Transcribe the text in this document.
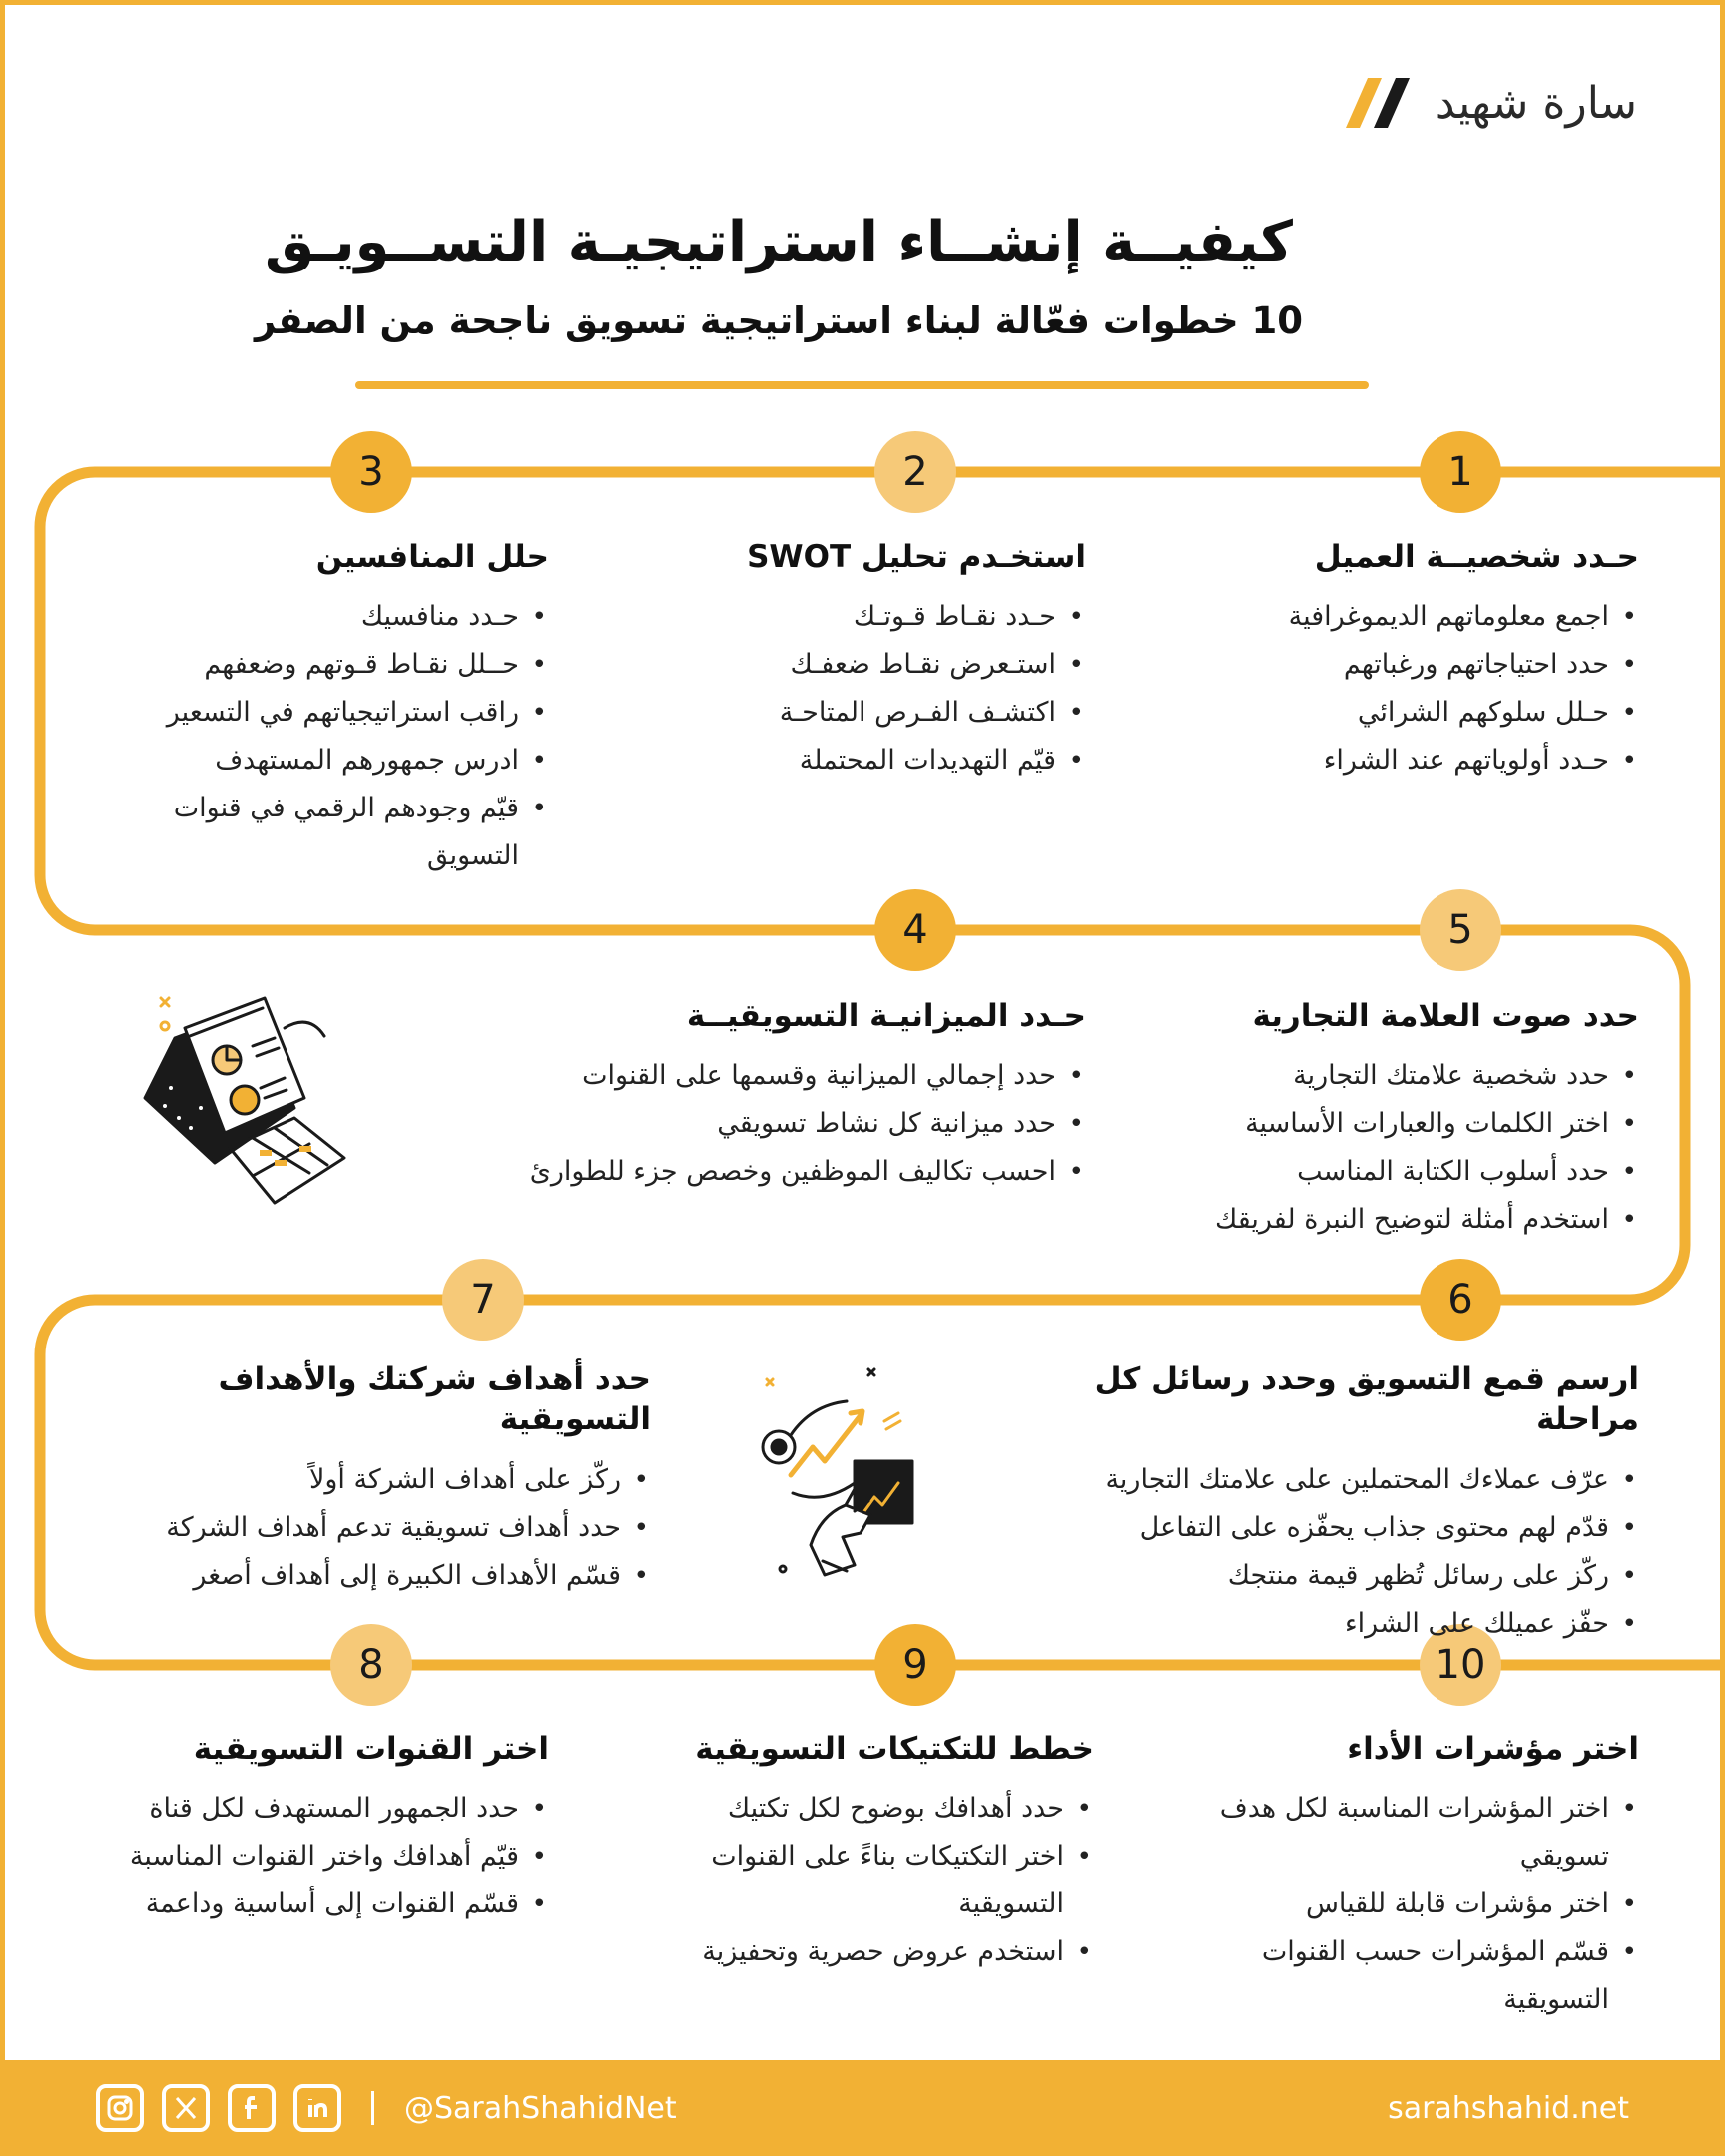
سارة شهيد
كيفيــة إنشــاء استراتيجيـة التســويـق
10 خطوات فعّالة لبناء استراتيجية تسويق ناجحة من الصفر
1
2
3
4	5
6
7
8	9	10
حـدد شخصيــة العميل
• اجمع معلوماتهم الديموغرافية
• حدد احتياجاتهم ورغباتهم
• حـلل سلوكهم الشرائي
• حـدد أولوياتهم عند الشراء
استخـدم تحليل SWOT
• حـدد نقـاط قـوتـك
• استـعرض نقـاط ضعفـك
• اكتشـف الفـرص المتاحـة
• قيّم التهديدات المحتملة
حلل المنافسين
• حـدد منافسيك
• حــلل نقـاط قـوتهم وضعفهم
• راقب استراتيجياتهم في التسعير
• ادرس جمهورهم المستهدف
• قيّم وجودهم الرقمي في قنوات التسويق
حـدد الميزانيـة التسويقيــة
• حدد إجمالي الميزانية وقسمها على القنوات
• حدد ميزانية كل نشاط تسويقي
• احسب تكاليف الموظفين وخصص جزء للطوارئ
حدد صوت العلامة التجارية
• حدد شخصية علامتك التجارية
• اختر الكلمات والعبارات الأساسية
• حدد أسلوب الكتابة المناسب
• استخدم أمثلة لتوضيح النبرة لفريقك
ارسم قمع التسويق وحدد رسائل كل مراحلة
• عرّف عملاءك المحتملين على علامتك التجارية
• قدّم لهم محتوى جذاب يحفّزه على التفاعل
• ركّز على رسائل تُظهر قيمة منتجك
• حفّز عميلك على الشراء
حدد أهداف شركتك والأهداف التسويقية
• ركّز على أهداف الشركة أولاً
• حدد أهداف تسويقية تدعم أهداف الشركة
• قسّم الأهداف الكبيرة إلى أهداف أصغر
اختر القنوات التسويقية
• حدد الجمهور المستهدف لكل قناة
• قيّم أهدافك واختر القنوات المناسبة
• قسّم القنوات إلى أساسية وداعمة
خطط للتكتيكات التسويقية
• حدد أهدافك بوضوح لكل تكتيك
• اختر التكتيكات بناءً على القنوات التسويقية
• استخدم عروض حصرية وتحفيزية
اختر مؤشرات الأداء
• اختر المؤشرات المناسبة لكل هدف تسويقي
• اختر مؤشرات قابلة للقياس
• قسّم المؤشرات حسب القنوات التسويقية
@SarahShahidNet	sarahshahid.net
